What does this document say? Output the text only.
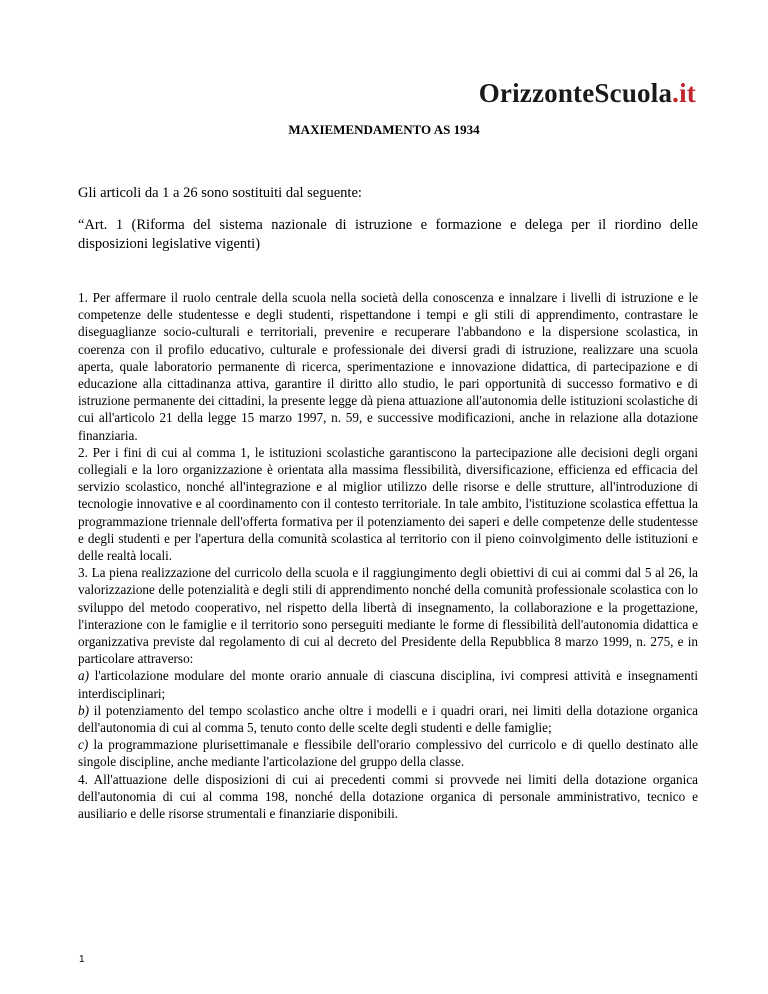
OrizzonteScuola.it
MAXIEMENDAMENTO AS 1934
Gli articoli da 1 a 26 sono sostituiti dal seguente:
“Art. 1 (Riforma del sistema nazionale di istruzione e formazione e delega per il riordino delle disposizioni legislative vigenti)

1. Per affermare il ruolo centrale della scuola nella società della conoscenza e innalzare i livelli di istruzione e le competenze delle studentesse e degli studenti, rispettandone i tempi e gli stili di apprendimento, contrastare le diseguaglianze socio-culturali e territoriali, prevenire e recuperare l'abbandono e la dispersione scolastica, in coerenza con il profilo educativo, culturale e professionale dei diversi gradi di istruzione, realizzare una scuola aperta, quale laboratorio permanente di ricerca, sperimentazione e innovazione didattica, di partecipazione e di educazione alla cittadinanza attiva, garantire il diritto allo studio, le pari opportunità di successo formativo e di istruzione permanente dei cittadini, la presente legge dà piena attuazione all'autonomia delle istituzioni scolastiche di cui all'articolo 21 della legge 15 marzo 1997, n. 59, e successive modificazioni, anche in relazione alla dotazione finanziaria.

2. Per i fini di cui al comma 1, le istituzioni scolastiche garantiscono la partecipazione alle decisioni degli organi collegiali e la loro organizzazione è orientata alla massima flessibilità, diversificazione, efficienza ed efficacia del servizio scolastico, nonché all'integrazione e al miglior utilizzo delle risorse e delle strutture, all'introduzione di tecnologie innovative e al coordinamento con il contesto territoriale. In tale ambito, l'istituzione scolastica effettua la programmazione triennale dell'offerta formativa per il potenziamento dei saperi e delle competenze delle studentesse e degli studenti e per l'apertura della comunità scolastica al territorio con il pieno coinvolgimento delle istituzioni e delle realtà locali.

3. La piena realizzazione del curricolo della scuola e il raggiungimento degli obiettivi di cui ai commi dal 5 al 26, la valorizzazione delle potenzialità e degli stili di apprendimento nonché della comunità professionale scolastica con lo sviluppo del metodo cooperativo, nel rispetto della libertà di insegnamento, la collaborazione e la progettazione, l'interazione con le famiglie e il territorio sono perseguiti mediante le forme di flessibilità dell'autonomia didattica e organizzativa previste dal regolamento di cui al decreto del Presidente della Repubblica 8 marzo 1999, n. 275, e in particolare attraverso:

a) l'articolazione modulare del monte orario annuale di ciascuna disciplina, ivi compresi attività e insegnamenti interdisciplinari;

b) il potenziamento del tempo scolastico anche oltre i modelli e i quadri orari, nei limiti della dotazione organica dell'autonomia di cui al comma 5, tenuto conto delle scelte degli studenti e delle famiglie;

c) la programmazione plurisettimanale e flessibile dell'orario complessivo del curricolo e di quello destinato alle singole discipline, anche mediante l'articolazione del gruppo della classe.

4. All'attuazione delle disposizioni di cui ai precedenti commi si provvede nei limiti della dotazione organica dell'autonomia di cui al comma 198, nonché della dotazione organica di personale amministrativo, tecnico e ausiliario e delle risorse strumentali e finanziarie disponibili.

1
